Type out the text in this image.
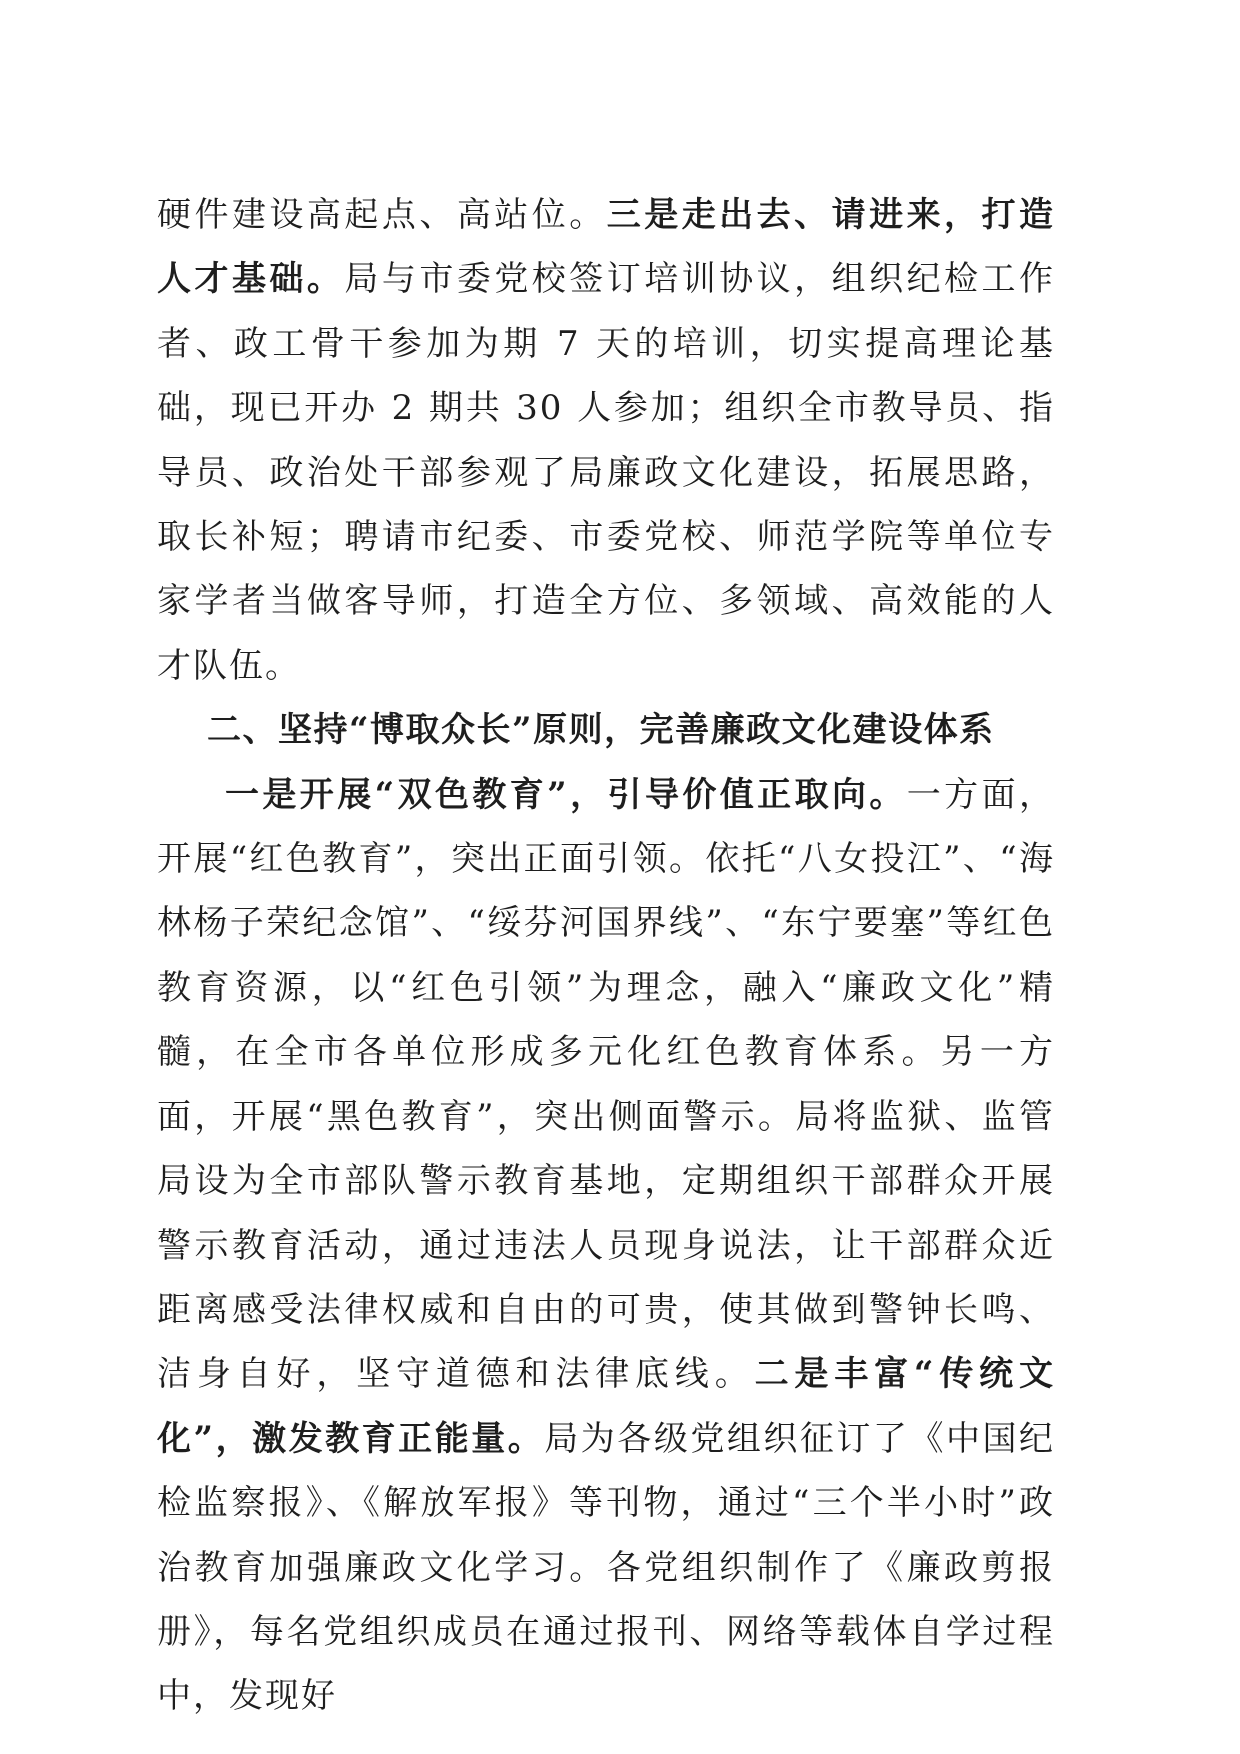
硬件建设高起点、高站位。三是走出去、请进来，打造人才基础。局与市委党校签订培训协议，组织纪检工作者、政工骨干参加为期 7 天的培训，切实提高理论基础，现已开办 2 期共 30 人参加；组织全市教导员、指导员、政治处干部参观了局廉政文化建设，拓展思路，取长补短；聘请市纪委、市委党校、师范学院等单位专家学者当做客导师，打造全方位、多领域、高效能的人才队伍。

二、坚持“博取众长”原则，完善廉政文化建设体系

一是开展“双色教育”，引导价值正取向。一方面，开展“红色教育”，突出正面引领。依托“八女投江”、“海林杨子荣纪念馆”、“绥芬河国界线”、“东宁要塞”等红色教育资源，以“红色引领”为理念，融入“廉政文化”精髓，在全市各单位形成多元化红色教育体系。另一方面，开展“黑色教育”，突出侧面警示。局将监狱、监管局设为全市部队警示教育基地，定期组织干部群众开展警示教育活动，通过违法人员现身说法，让干部群众近距离感受法律权威和自由的可贵，使其做到警钟长鸣、洁身自好，坚守道德和法律底线。二是丰富“传统文化”，激发教育正能量。局为各级党组织征订了《中国纪检监察报》、《解放军报》等刊物，通过“三个半小时”政治教育加强廉政文化学习。各党组织制作了《廉政剪报册》，每名党组织成员在通过报刊、网络等载体自学过程中，发现好
